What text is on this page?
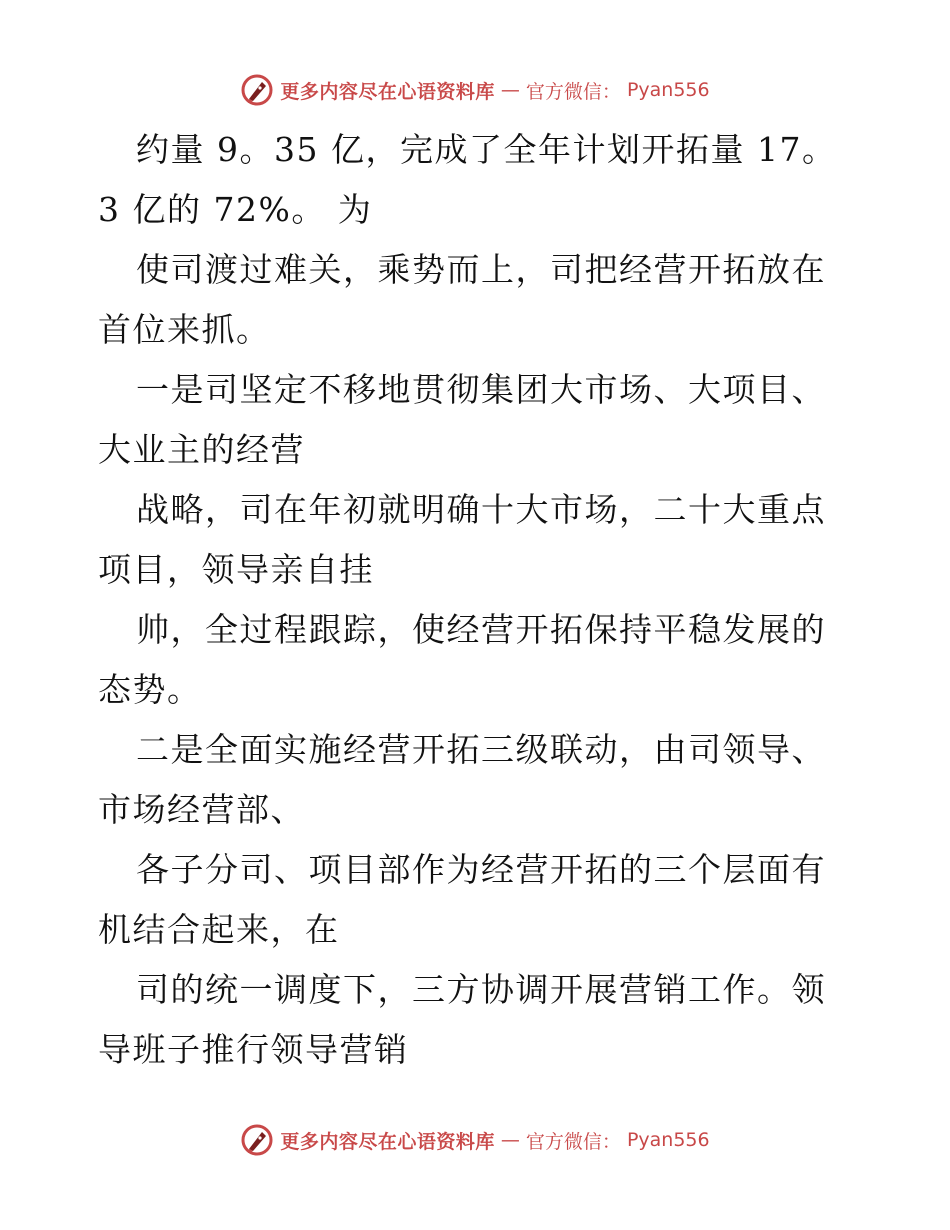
更多内容尽在心语资料库 — 官方微信： Pyan556

约量 9。35 亿，完成了全年计划开拓量 17。3 亿的 72%。 为

使司渡过难关，乘势而上，司把经营开拓放在首位来抓。

一是司坚定不移地贯彻集团大市场、大项目、大业主的经营

战略，司在年初就明确十大市场，二十大重点项目，领导亲自挂

帅，全过程跟踪，使经营开拓保持平稳发展的态势。

二是全面实施经营开拓三级联动，由司领导、市场经营部、

各子分司、项目部作为经营开拓的三个层面有机结合起来，在

司的统一调度下，三方协调开展营销工作。领导班子推行领导营销

更多内容尽在心语资料库 — 官方微信： Pyan556
